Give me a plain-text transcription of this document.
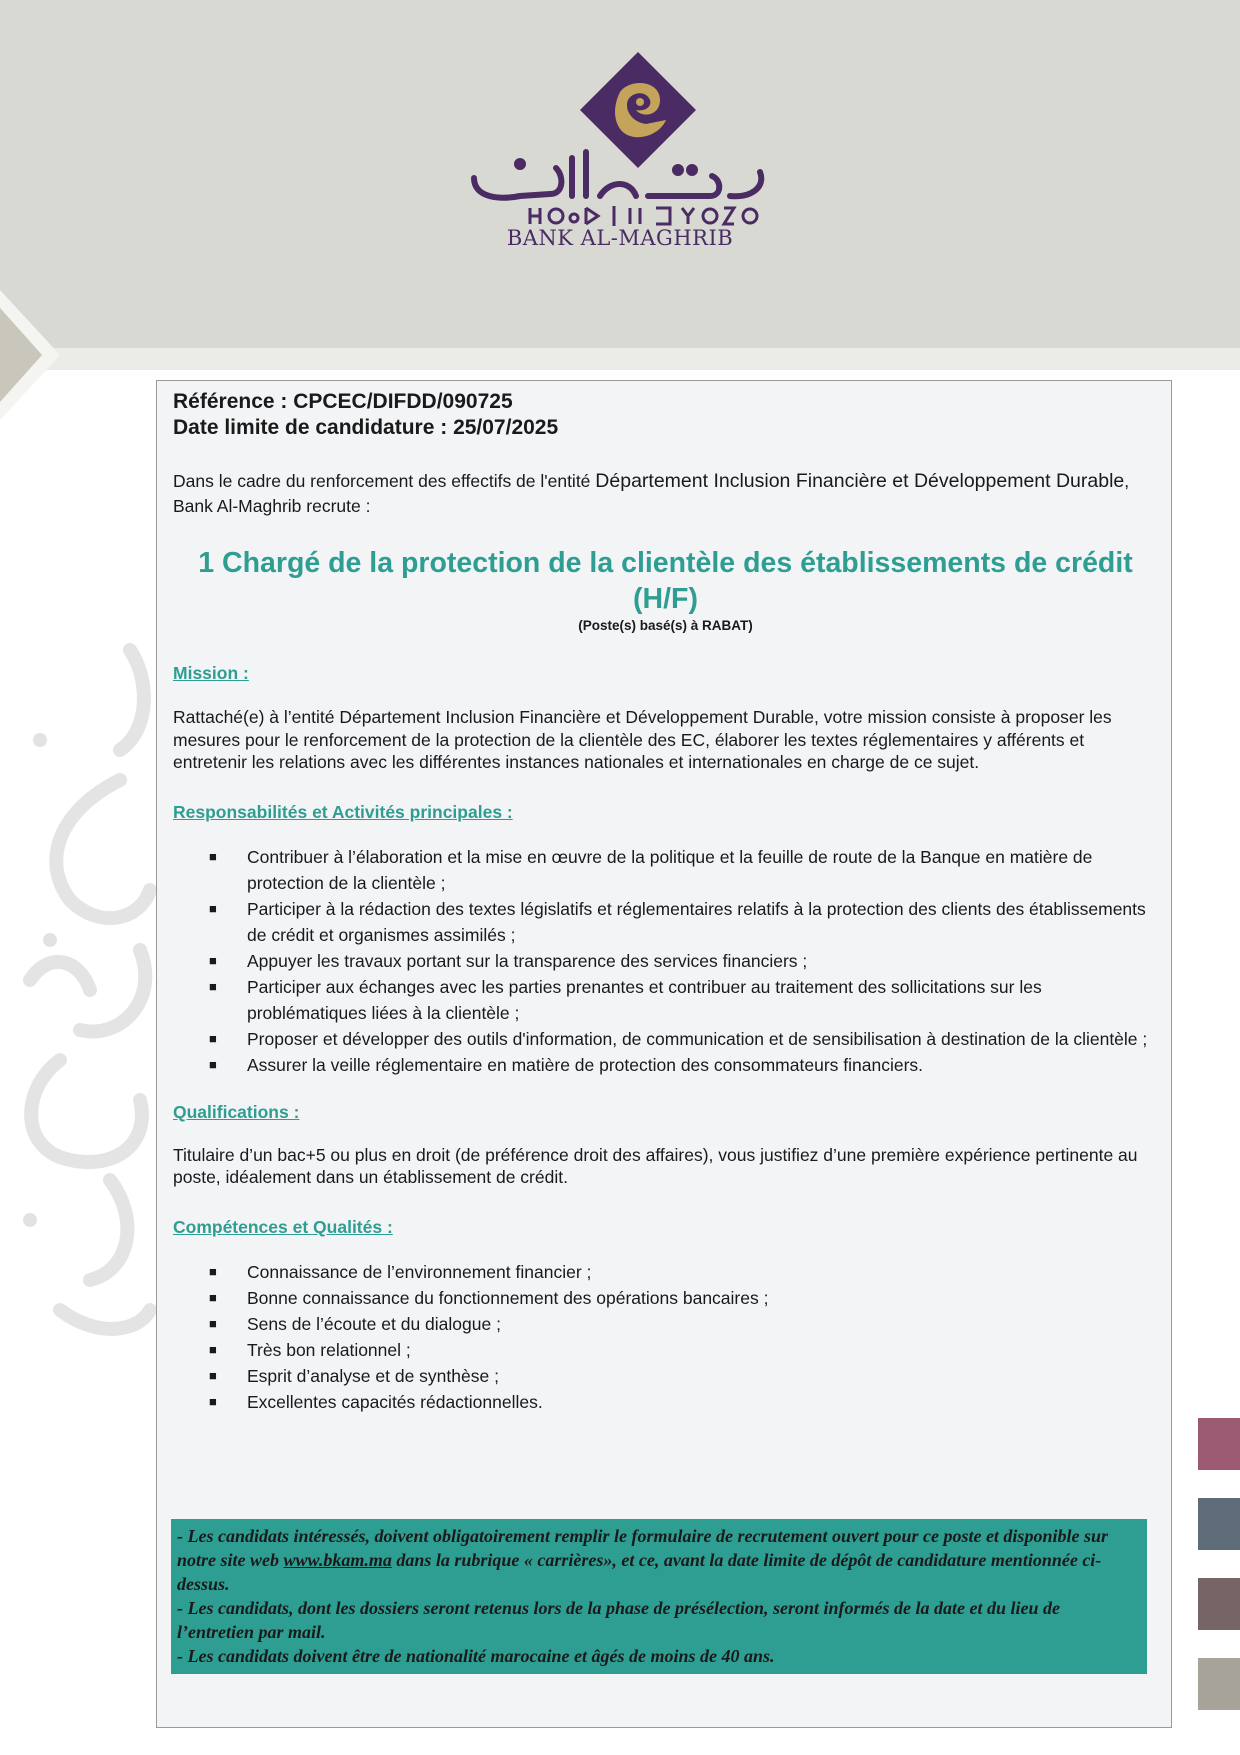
BANK AL-MAGHRIB

Référence : CPCEC/DIFDD/090725

Date limite de candidature : 25/07/2025

Dans le cadre du renforcement des effectifs de l'entité Département Inclusion Financière et Développement Durable, Bank Al-Maghrib recrute :

1 Chargé de la protection de la clientèle des établissements de crédit (H/F)

(Poste(s) basé(s) à RABAT)

Mission :

Rattaché(e) à l’entité Département Inclusion Financière et Développement Durable, votre mission consiste à proposer les mesures pour le renforcement de la protection de la clientèle des EC, élaborer les textes réglementaires y afférents et entretenir les relations avec les différentes instances nationales et internationales en charge de ce sujet.

Responsabilités et Activités principales :

■ Contribuer à l’élaboration et la mise en œuvre de la politique et la feuille de route de la Banque en matière de protection de la clientèle ;
■ Participer à la rédaction des textes législatifs et réglementaires relatifs à la protection des clients des établissements de crédit et organismes assimilés ;
■ Appuyer les travaux portant sur la transparence des services financiers ;
■ Participer aux échanges avec les parties prenantes et contribuer au traitement des sollicitations sur les problématiques liées à la clientèle ;
■ Proposer et développer des outils d'information, de communication et de sensibilisation à destination de la clientèle ;
■ Assurer la veille réglementaire en matière de protection des consommateurs financiers.

Qualifications :

Titulaire d’un bac+5 ou plus en droit (de préférence droit des affaires), vous justifiez d’une première expérience pertinente au poste, idéalement dans un établissement de crédit.

Compétences et Qualités :

■ Connaissance de l’environnement financier ;
■ Bonne connaissance du fonctionnement des opérations bancaires ;
■ Sens de l’écoute et du dialogue ;
■ Très bon relationnel ;
■ Esprit d’analyse et de synthèse ;
■ Excellentes capacités rédactionnelles.

- Les candidats intéressés, doivent obligatoirement remplir le formulaire de recrutement ouvert pour ce poste et disponible sur notre site web www.bkam.ma dans la rubrique « carrières», et ce, avant la date limite de dépôt de candidature mentionnée ci-dessus.

- Les candidats, dont les dossiers seront retenus lors de la phase de présélection, seront informés de la date et du lieu de l’entretien par mail.

- Les candidats doivent être de nationalité marocaine et âgés de moins de 40 ans.
